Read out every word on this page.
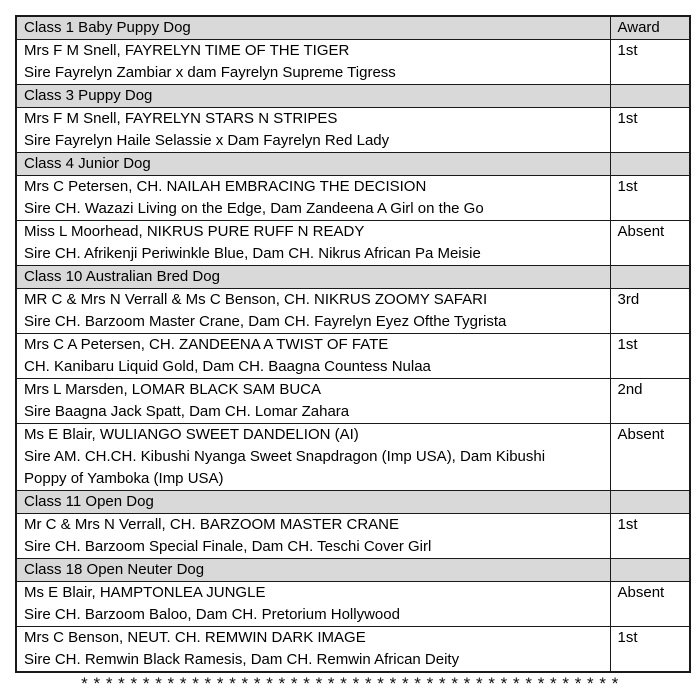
Class 1 Baby Puppy Dog	Award

Mrs F M Snell, FAYRELYN TIME OF THE TIGER
Sire Fayrelyn Zambiar x dam Fayrelyn Supreme Tigress	1st
Class 3 Puppy Dog	

Mrs F M Snell, FAYRELYN STARS N STRIPES
Sire Fayrelyn Haile Selassie x Dam Fayrelyn Red Lady	1st
Class 4 Junior Dog	

Mrs C Petersen, CH. NAILAH EMBRACING THE DECISION
Sire CH. Wazazi Living on the Edge, Dam Zandeena A Girl on the Go	1st

Miss L Moorhead, NIKRUS PURE RUFF N READY
Sire CH. Afrikenji Periwinkle Blue, Dam CH. Nikrus African Pa Meisie	Absent
Class 10 Australian Bred Dog	

MR C & Mrs N Verrall & Ms C Benson, CH. NIKRUS ZOOMY SAFARI
Sire CH. Barzoom Master Crane, Dam CH. Fayrelyn Eyez Ofthe Tygrista	3rd

Mrs C A Petersen, CH. ZANDEENA A TWIST OF FATE
CH. Kanibaru Liquid Gold, Dam CH. Baagna Countess Nulaa	1st

Mrs L Marsden, LOMAR BLACK SAM BUCA
Sire Baagna Jack Spatt, Dam CH. Lomar Zahara	2nd

Ms E Blair, WULIANGO SWEET DANDELION (AI)
Sire AM. CH.CH. Kibushi Nyanga Sweet Snapdragon (Imp USA), Dam Kibushi
Poppy of Yamboka (Imp USA)	Absent
Class 11 Open Dog	

Mr C & Mrs N Verrall, CH. BARZOOM MASTER CRANE
Sire CH. Barzoom Special Finale, Dam CH. Teschi Cover Girl	1st
Class 18 Open Neuter Dog	

Ms E Blair, HAMPTONLEA JUNGLE
Sire CH. Barzoom Baloo, Dam CH. Pretorium Hollywood	Absent

Mrs C Benson, NEUT. CH. REMWIN DARK IMAGE
Sire CH. Remwin Black Ramesis, Dam CH. Remwin African Deity	1st
* * * * * * * * * * * * * * * * * * * * * * * * * * * * * * * * * * * * * * * * * * * *
